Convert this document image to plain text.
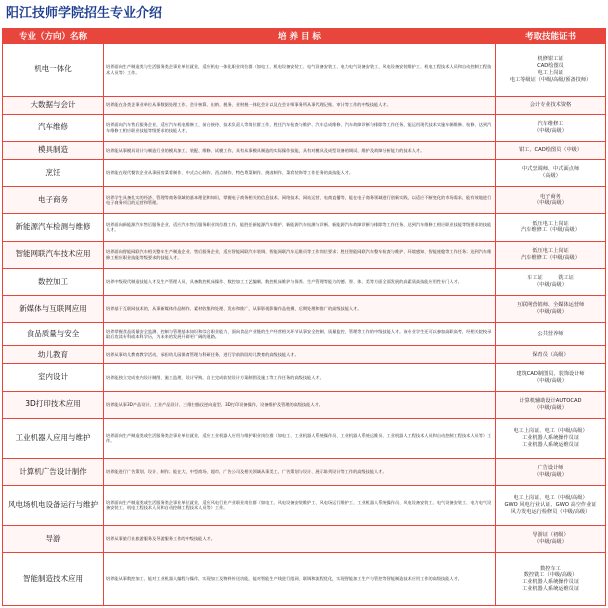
阳江技师学院招生专业介绍
专业（方向）名称	培 养 目 标	考取技能证书
机电一体化	培养面向生产制造类与生活服务类企事业单位就业，适应机电一体化职业岗位群（如电工、机电设备安装工、电气设备安装工、电力电气设备安装工、风电设备安装维护工、机电工程技术人员和自动控制工程技术人员等）工作。	机修钳工证
CAD绘图员
电工上岗证
电工等级证（中级/高级/预备技师）

大数据与会计	培养能在各类企事业单位从事数据处理工作、会计核算、出纳、税务、业财税一体化会计以及在会计师事务所从事代理记账、审计等工作的中级技能人才。	会计专业技术资格

汽车维修	培养面向汽车售后服务企业，适应汽车机电维修工、前台接待、技术负责人等岗位群工作，胜任汽车检查与维护、汽车总成维修、汽车故障诊断与排除等工作任务，能运用现代技术实施车辆维修、检修、达到汽车维修工相应职业技能等级要求的技能人才。	汽车维修工
（中级/高级）

模具制造	培养能从事模具设计与制造行业的模具加工、装配、维修、试模工作，具有从事模具制造的实际操作技能，具有对模具及成型设备的调试、维护及故障分析能力的技术人才。	钳工、CAD绘图员（中级）

烹饪	培养能在现代餐饮企业从事厨房菜肴制作、中式点心制作、西点制作、特色粤菜制作、烧卤制作、菜肴装饰等工作任务的高技能人才。	中式烹调师、中式面点师
（高级）

电子商务	培养学生具备扎实的经济、管理等商务领域的基本理论和知识，掌握电子商务相关的信息技术、网络技术、网站运营、电商直播等，能在电子商务领域进行创新实践，以适应不断变化的市场需求，能有效地进行电子商务项目的运营和管理。	电子商务
（中级/高级）

新能源汽车检测与维修	培养面向新能源汽车售后服务企业，适应汽车售后服务职业岗位群工作，能胜任新能源汽车维护、新能源汽车检测与诊断、新能源汽车故障诊断与排除等工作任务，达到汽车维修工相应职业技能等级要求的技能人才。	低压电工上岗证
汽车维修工（中级/高级）

智能网联汽车技术应用	培养面向智能网联汽车相关整车生产制造企业、售后服务企业，适应智能网联汽车装调、智能网联汽车运维员等工作岗位要求；胜任智能网联汽车整车检查与维护、环境感知、智能座舱等工作任务；达到汽车维修工相应职业技能等级要求的技能人才。	低压电工上岗证
汽车维修工（中级/高级）

数控加工	培养中级现代制造技能人才及生产管理人员，具备数控机床操作、数控加工工艺编制，数控机床维护与保养、生产管理等能力的德、智、体、美等方面全面发展的高素质高技能应用性专门人才。	车工证　　　铣工证
（中级/高级）

新媒体与互联网应用	培养基于互联网技术的，从事新媒体作品制作、素材收集和处理、发布和推广，从事影视影像作品拍摄、后期处理和推广的高级技能人才。	互联网营销师、全媒体运营师
（中级/高级）

食品质量与安全	培养掌握食品质量安全监测、控制与管理基本知识和综合职业能力，面向食品产业链的生产经营相关环节从事安全控制、质量监控、管理等工作的中级技能人才。该专业学生还可以参加高职高考，经相关院校录取后攻读专科或本科学历，为未来的发展开辟更广阔的道路。	公共营养师

幼儿教育	培养从事幼儿教育教学活动，承担幼儿园保育管理与科研任务，进行学前阶段幼儿教育的高级技能人才。	保育员（高级）

室内设计	培养能独立完成室内设计制图、施工监理、设计导购，自主完成软装设计方案制图及施工等工作任务的高级技能人才。	建筑CAD制图员、装饰设计师
（中级/高级）

3D打印技术应用	培养能从事3D产品设计、工业产品设计、三维扫描仪逆向造型、3D打印设备操作，设备维护及管理的高级技能人才。	计算机辅助设计AUTOCAD
（中级/高级）

工业机器人应用与维护	培养面向生产制造类或生活服务类企事业单位就业，适应工业机器人应用与维护职业岗位群（如电工、工业机器人系统操作员、工业机器人系统运维员、工业机器人工程技术人员和自动控制工程技术人员等）工作。	电工上岗证、电工（中级/高级）
工业机器人系统操作员证
工业机器人系统运维员证

计算机广告设计制作	培养能进行广告策划、设计、制作；能在大、中型商场、超市，广告公司及相关领域从事美工、广告策划与设计、展示陈列设计等工作的高级技能人才。	广告设计师
（中级/高级）

风电场机电设备运行与维护	培养面向生产制造类或生活服务类企事业单位就业，适应风电行业产业职业岗位群（如电工、风电设备安装维护工、风电场运行维护工、工业机器人系统操作员、风电设备安装工、电气设备安装工、电力电气设备安装工、机电工程技术人员和自动控制工程技术人员等）工作。	电工上岗证、电工（中级/高级）
GWO 风电行业认证、GWO 高空作业证
风力发电运行检修员（中级/高级）

导游	培养从事旅行社旅游服务及导游服务工作的中级技能人才。	导游证（初级）
（中级/高级）

智能制造技术应用	培养能从事数控加工、能对工业机器人编程与操作，实现加工及物料传送功能，能对智能生产线进行组网、联调和流程优化，实现智能加工生产与管控等智能制造技术应用工作的高级技能人才。	数控车工
数控铣工（中级/高级）
工业机器人系统操作员证
工业机器人系统运维员证
